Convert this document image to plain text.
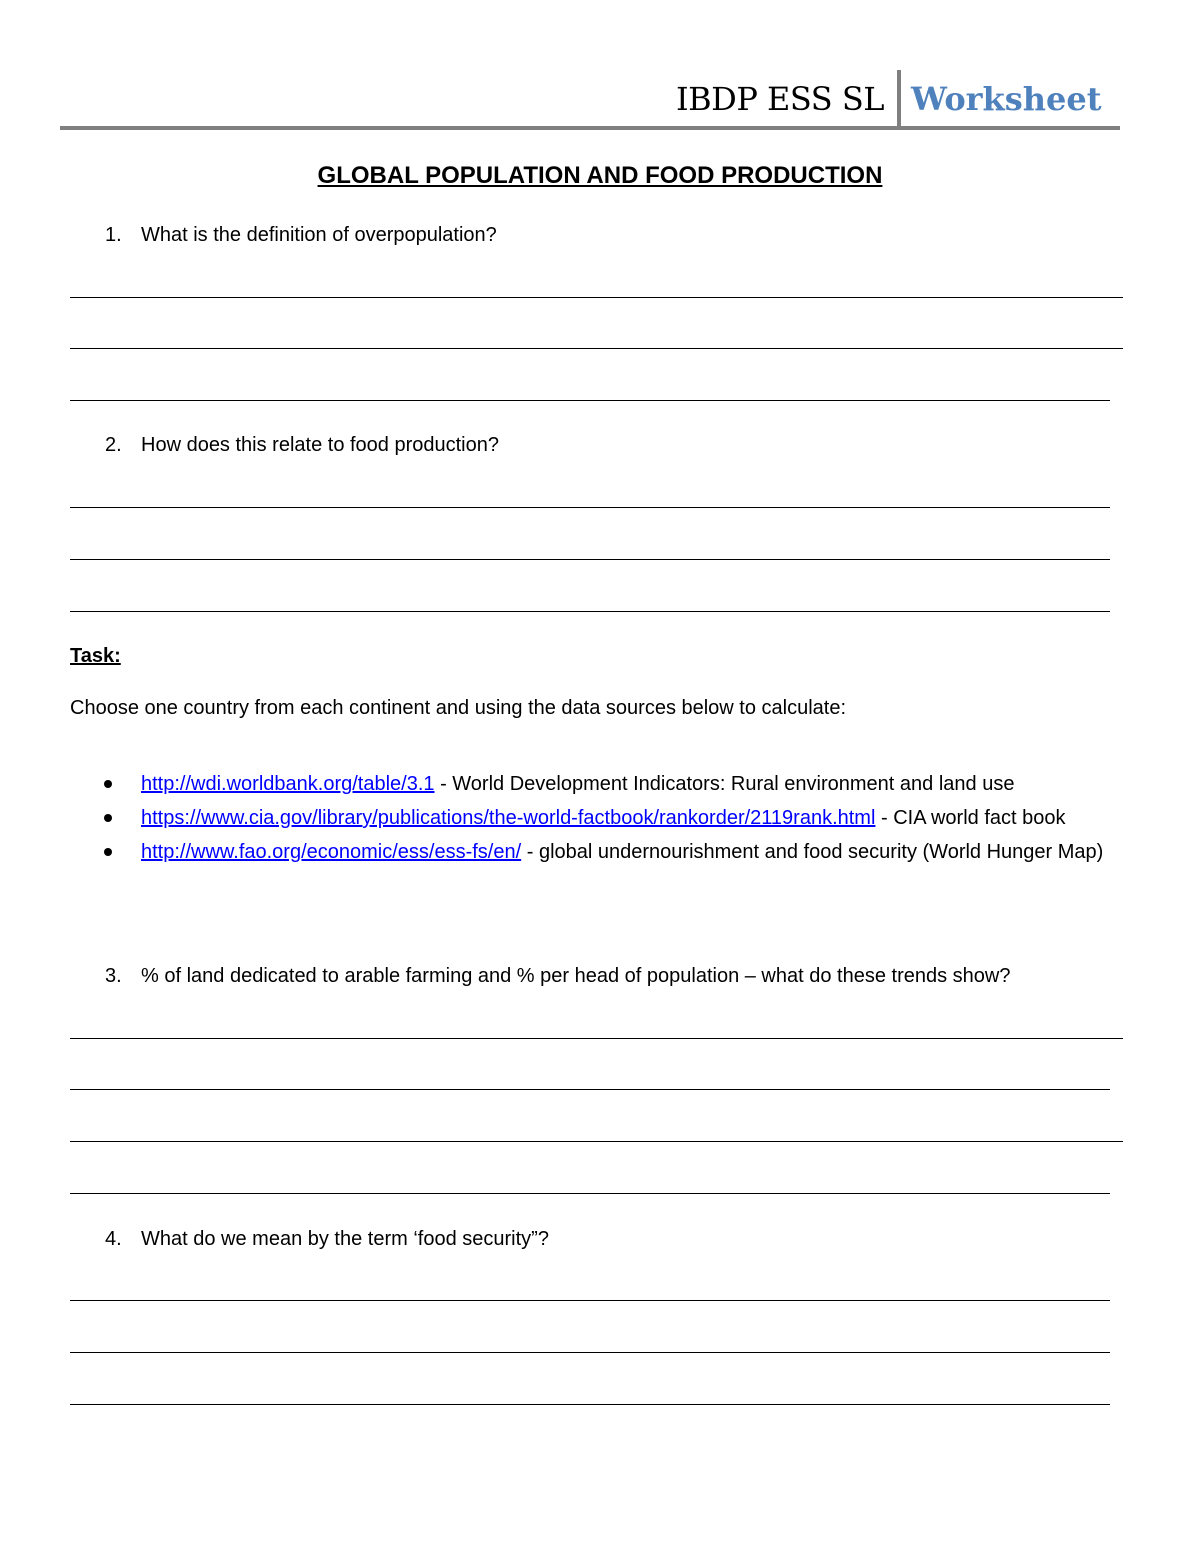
IBDP ESS SL Worksheet
GLOBAL POPULATION AND FOOD PRODUCTION
1. What is the definition of overpopulation?
2. How does this relate to food production?
Task:
Choose one country from each continent and using the data sources below to calculate:
http://wdi.worldbank.org/table/3.1 - World Development Indicators: Rural environment and land use
https://www.cia.gov/library/publications/the-world-factbook/rankorder/2119rank.html - CIA world fact book
http://www.fao.org/economic/ess/ess-fs/en/ - global undernourishment and food security (World Hunger Map)
3. % of land dedicated to arable farming and % per head of population – what do these trends show?
4. What do we mean by the term ‘food security”?
